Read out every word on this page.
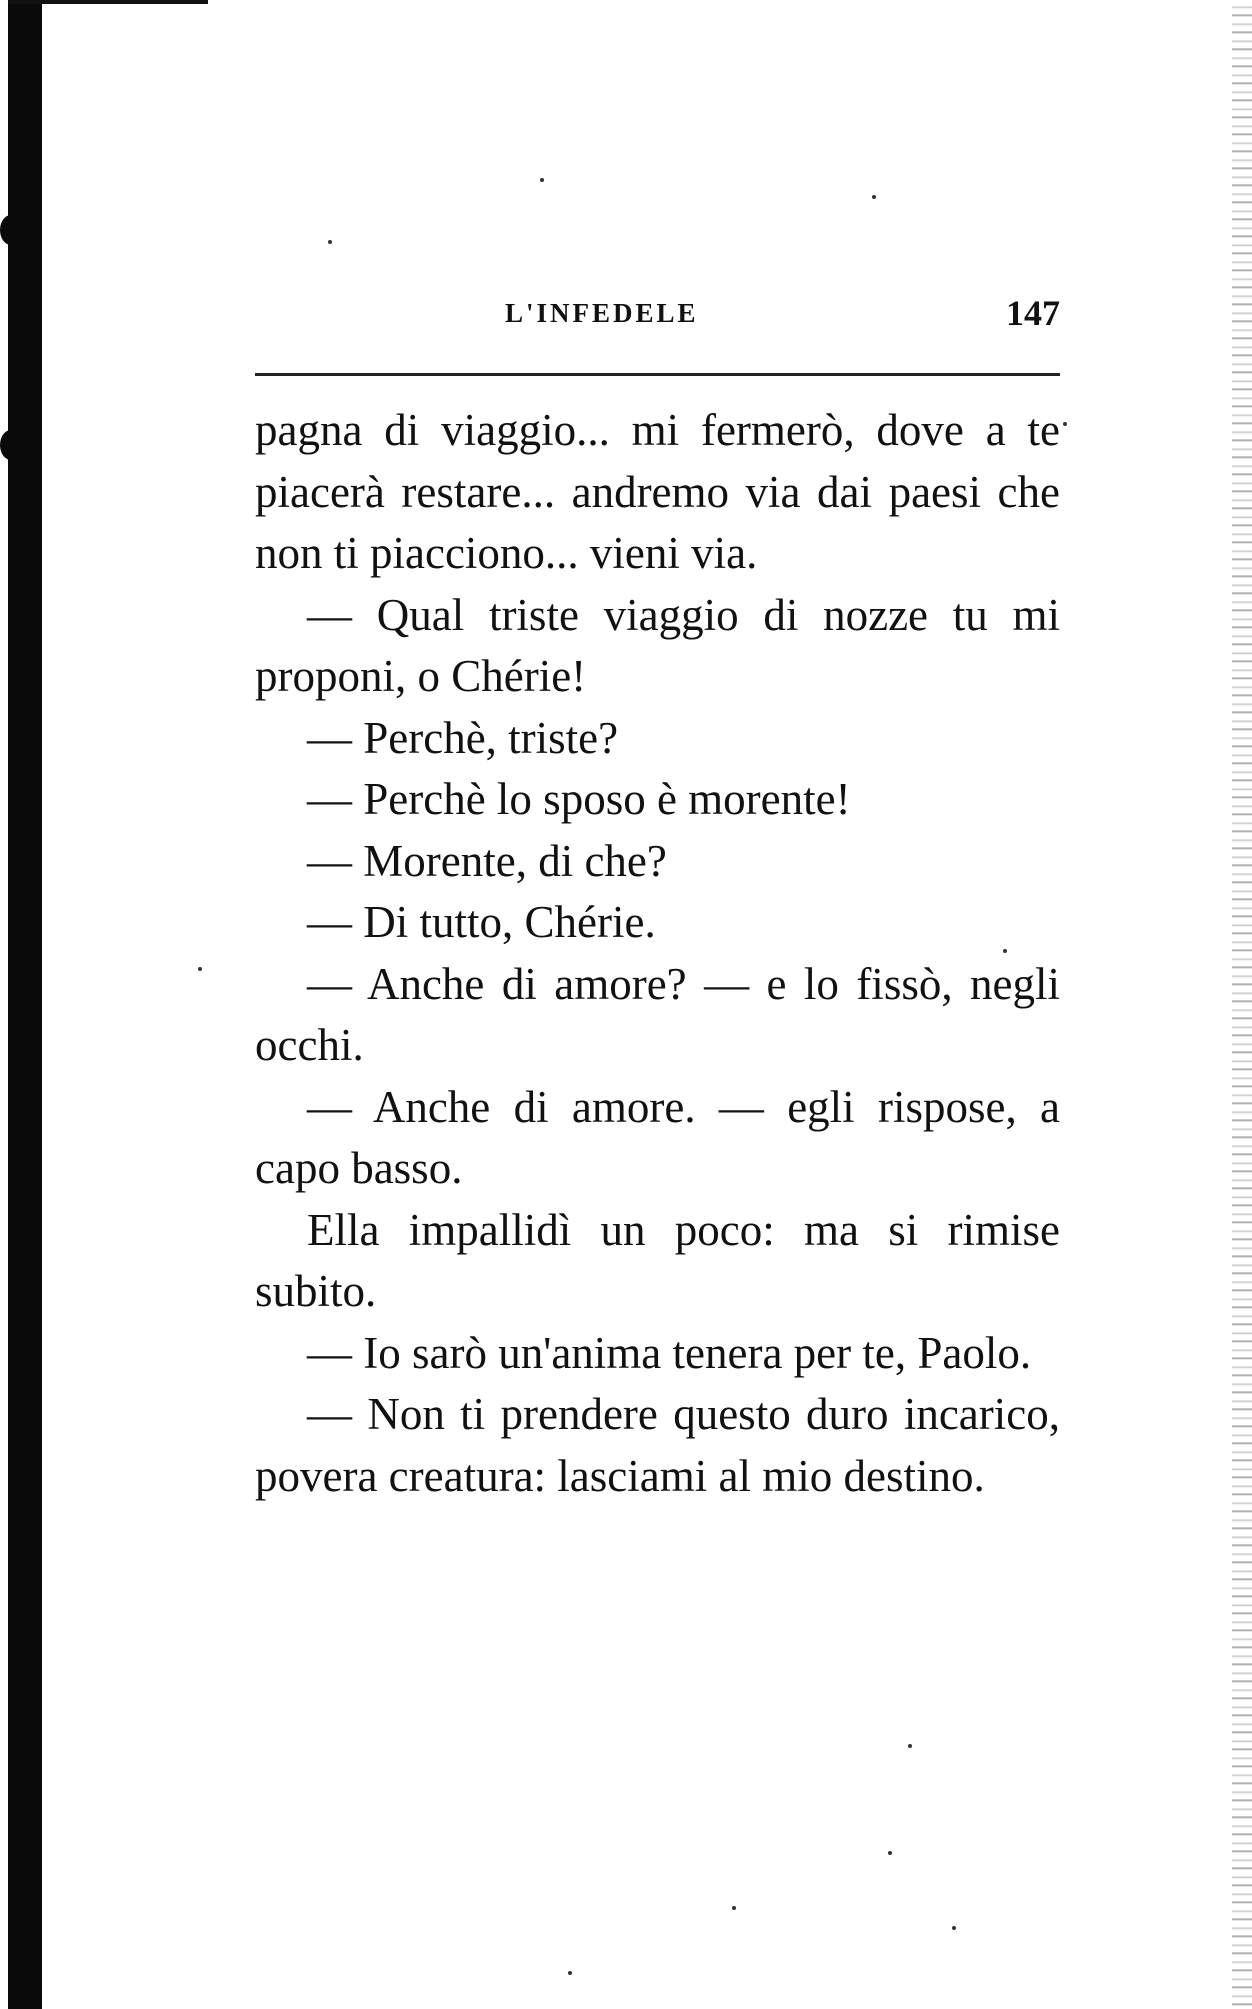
L'INFEDELE	147

pagna di viaggio... mi fermerò, dove a te piacerà restare... andremo via dai paesi che non ti piacciono... vieni via.

— Qual triste viaggio di nozze tu mi proponi, o Chérie!

— Perchè, triste?

— Perchè lo sposo è morente!

— Morente, di che?

— Di tutto, Chérie.

— Anche di amore? — e lo fissò, negli occhi.

— Anche di amore. — egli rispose, a capo basso.

Ella impallidì un poco: ma si rimise subito.

— Io sarò un'anima tenera per te, Paolo.

— Non ti prendere questo duro incarico, povera creatura: lasciami al mio destino.
